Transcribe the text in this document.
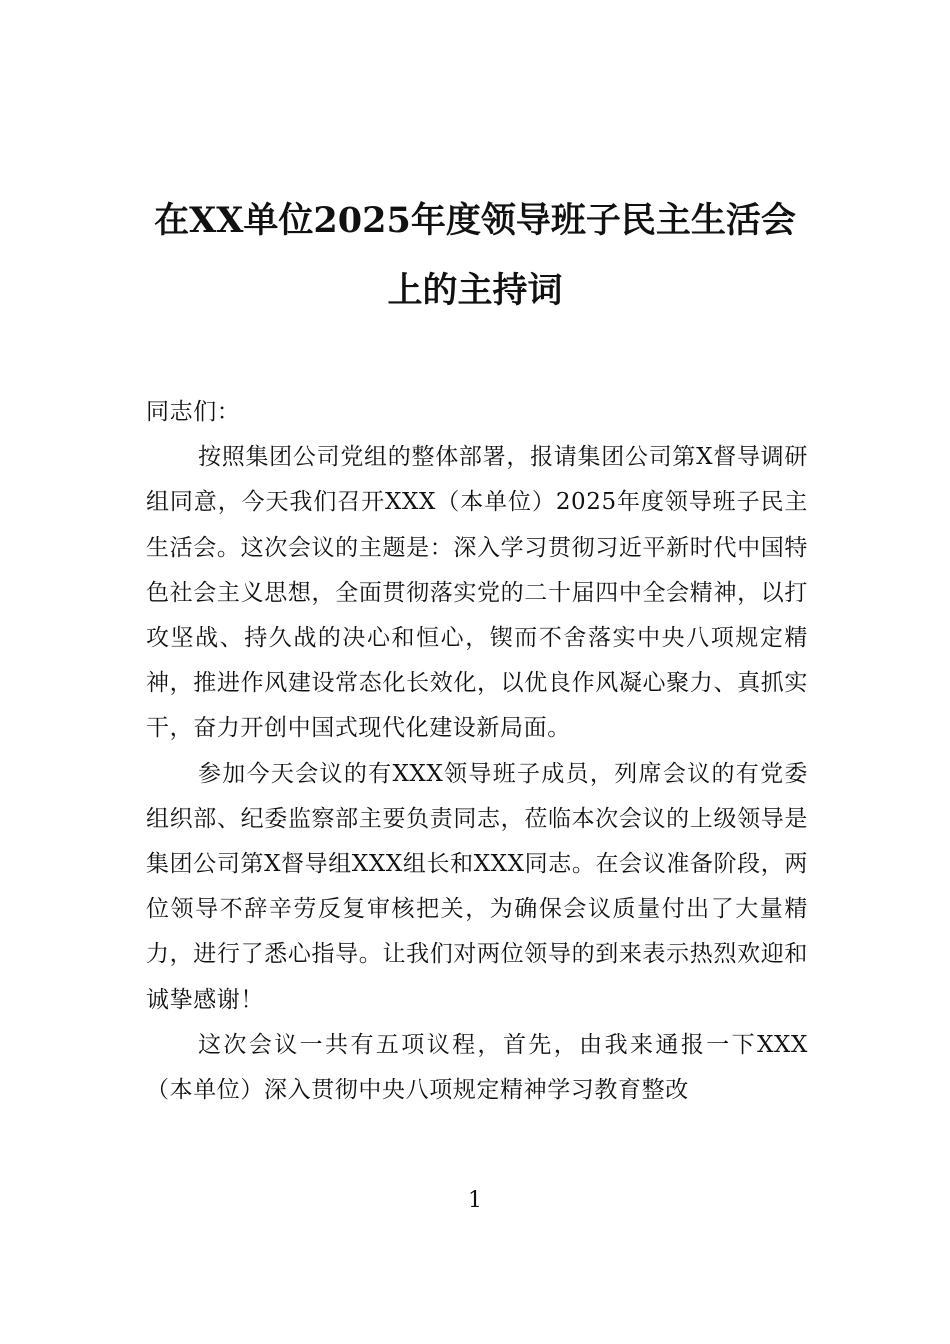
在XX单位2025年度领导班子民主生活会
上的主持词

同志们：

按照集团公司党组的整体部署，报请集团公司第X督导调研组同意，今天我们召开XXX（本单位）2025年度领导班子民主生活会。这次会议的主题是：深入学习贯彻习近平新时代中国特色社会主义思想，全面贯彻落实党的二十届四中全会精神，以打攻坚战、持久战的决心和恒心，锲而不舍落实中央八项规定精神，推进作风建设常态化长效化，以优良作风凝心聚力、真抓实干，奋力开创中国式现代化建设新局面。

参加今天会议的有XXX领导班子成员，列席会议的有党委组织部、纪委监察部主要负责同志，莅临本次会议的上级领导是集团公司第X督导组XXX组长和XXX同志。在会议准备阶段，两位领导不辞辛劳反复审核把关，为确保会议质量付出了大量精力，进行了悉心指导。让我们对两位领导的到来表示热烈欢迎和诚挚感谢！

这次会议一共有五项议程，首先，由我来通报一下XXX（本单位）深入贯彻中央八项规定精神学习教育整改

1
